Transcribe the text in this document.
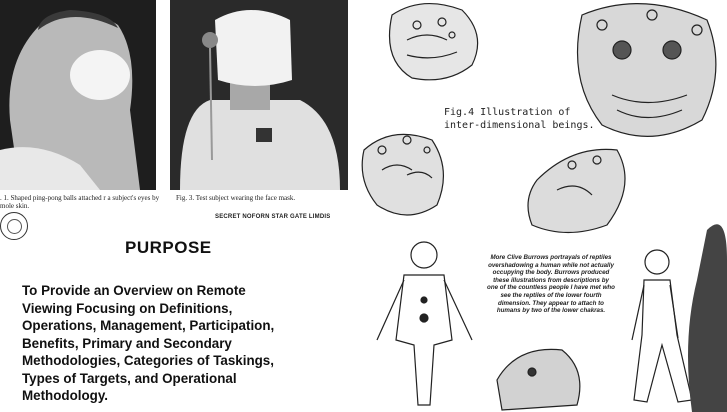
. 1. Shaped ping-pong balls attached r a subject's eyes by mole skin.
Fig. 3. Test subject wearing the face mask.
SECRET NOFORN STAR GATE LIMDIS
PURPOSE
To Provide an Overview on Remote
Viewing Focusing on Definitions,
Operations, Management, Participation,
Benefits, Primary and Secondary
Methodologies, Categories of Taskings,
Types of Targets, and Operational
Methodology.
Fig.4 Illustration of
inter-dimensional beings.
More Clive Burrows portrayals of reptiles overshadowing a human while not actually occupying the body. Burrows produced these illustrations from descriptions by one of the countless people I have met who see the reptiles of the lower fourth dimension. They appear to attach to humans by two of the lower chakras.
